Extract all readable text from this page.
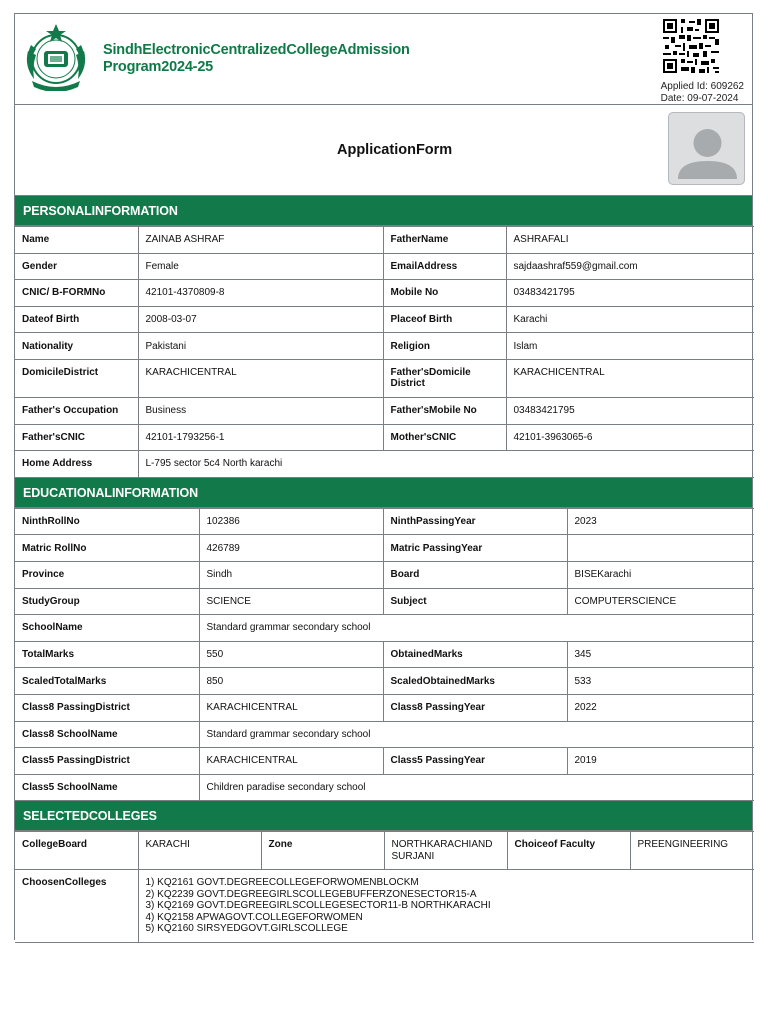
SindhElectronicCentralizedCollegeAdmission Program2024-25
Applied Id: 609262
Date: 09-07-2024
ApplicationForm
PERSONALINFORMATION
Name	ZAINAB ASHRAF	FatherName	ASHRAFALI
Gender	Female	EmailAddress	sajdaashraf559@gmail.com
CNIC/ B-FORMNo	42101-4370809-8	Mobile No	03483421795
Dateof Birth	2008-03-07	Placeof Birth	Karachi
Nationality	Pakistani	Religion	Islam
DomicileDistrict	KARACHICENTRAL	Father'sDomicile District	KARACHICENTRAL
Father's Occupation	Business	Father'sMobile No	03483421795
Father'sCNIC	42101-1793256-1	Mother'sCNIC	42101-3963065-6
Home Address	L-795 sector 5c4 North karachi		
EDUCATIONALINFORMATION
NinthRollNo	102386	NinthPassingYear	2023
Matric RollNo	426789	Matric PassingYear	
Province	Sindh	Board	BISEKarachi
StudyGroup	SCIENCE	Subject	COMPUTERSCIENCE
SchoolName	Standard grammar secondary school		
TotalMarks	550	ObtainedMarks	345
ScaledTotalMarks	850	ScaledObtainedMarks	533
Class8 PassingDistrict	KARACHICENTRAL	Class8 PassingYear	2022
Class8 SchoolName	Standard grammar secondary school		
Class5 PassingDistrict	KARACHICENTRAL	Class5 PassingYear	2019
Class5 SchoolName	Children paradise secondary school		
SELECTEDCOLLEGES
CollegeBoard	KARACHI	Zone	NORTHKARACHIAND SURJANI	Choiceof Faculty	PREENGINEERING
ChoosenColleges	1) KQ2161 GOVT.DEGREECOLLEGEFORWOMENBLOCKM
2) KQ2239 GOVT.DEGREEGIRLSCOLLEGEBUFFERZONESECTOR15-A
3) KQ2169 GOVT.DEGREEGIRLSCOLLEGESECTOR11-B NORTHKARACHI
4) KQ2158 APWAGOVT.COLLEGEFORWOMEN
5) KQ2160 SIRSYEDGOVT.GIRLSCOLLEGE				
